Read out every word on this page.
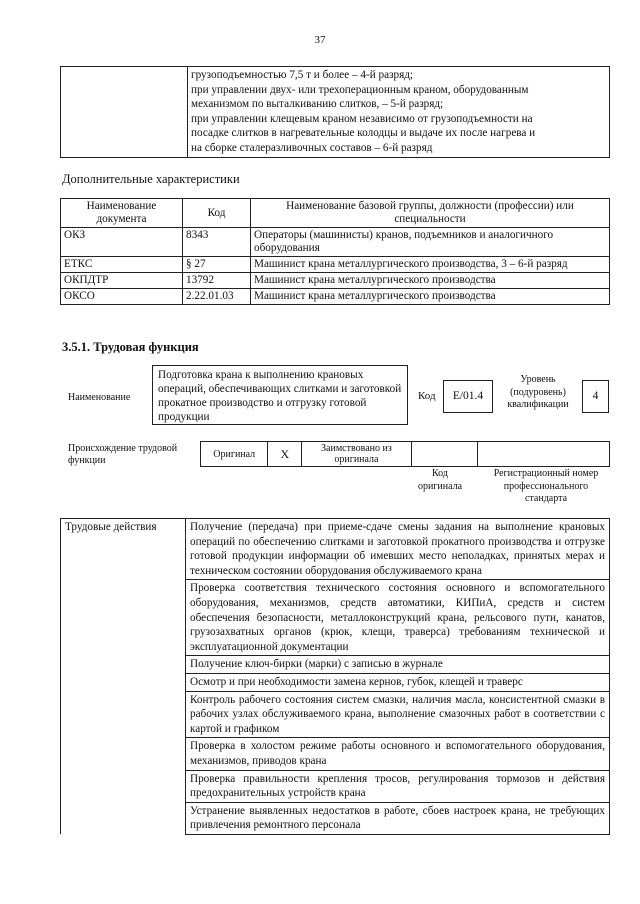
37

грузоподъемностью 7,5 т и более – 4-й разряд;
при управлении двух- или трехоперационным краном, оборудованным
механизмом по выталкиванию слитков, – 5-й разряд;
при управлении клещевым краном независимо от грузоподъемности на
посадке слитков в нагревательные колодцы и выдаче их после нагрева и
на сборке сталеразливочных составов – 6-й разряд
Дополнительные характеристики
Наименование документа	Код	Наименование базовой группы, должности (профессии) или специальности
ОКЗ	8343	Операторы (машинисты) кранов, подъемников и аналогичного оборудования
ЕТКС	§ 27	Машинист крана металлургического производства, 3 – 6-й разряд
ОКПДТР	13792	Машинист крана металлургического производства
ОКСО	2.22.01.03	Машинист крана металлургического производства
3.5.1. Трудовая функция
Наименование
Подготовка крана к выполнению крановых операций, обеспечивающих слитками и заготовкой прокатное производство и отгрузку готовой продукции
Код	E/01.4
Уровень (подуровень) квалификации
4
Происхождение трудовой функции
Оригинал	X	Заимствовано из оригинала		
Код оригинала
Регистрационный номер профессионального стандарта
Трудовые действия	Получение (передача) при приеме-сдаче смены задания на выполнение крановых операций по обеспечению слитками и заготовкой прокатного производства и отгрузке готовой продукции информации об имевших место неполадках, принятых мерах и техническом состоянии оборудования обслуживаемого крана
Проверка соответствия технического состояния основного и вспомогательного оборудования, механизмов, средств автоматики, КИПиА, средств и систем обеспечения безопасности, металлоконструкций крана, рельсового пути, канатов, грузозахватных органов (крюк, клещи, траверса) требованиям технической и эксплуатационной документации
Получение ключ-бирки (марки) с записью в журнале
Осмотр и при необходимости замена кернов, губок, клещей и траверс
Контроль рабочего состояния систем смазки, наличия масла, консистентной смазки в рабочих узлах обслуживаемого крана, выполнение смазочных работ в соответствии с картой и графиком
Проверка в холостом режиме работы основного и вспомогательного оборудования, механизмов, приводов крана
Проверка правильности крепления тросов, регулирования тормозов и действия предохранительных устройств крана
Устранение выявленных недостатков в работе, сбоев настроек крана, не требующих привлечения ремонтного персонала
